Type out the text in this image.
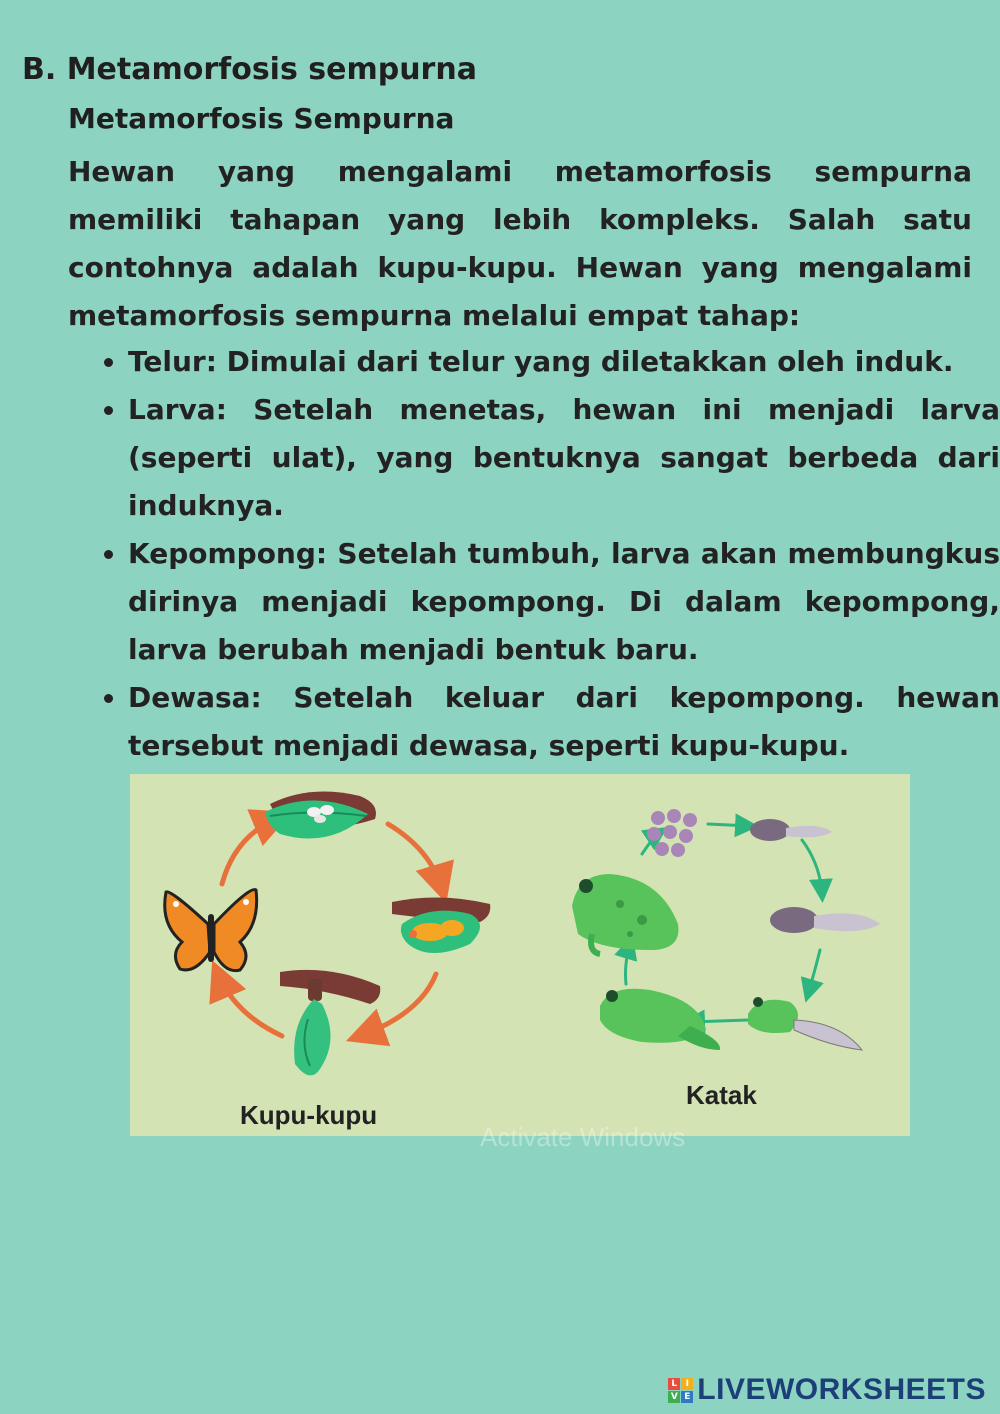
B. Metamorfosis sempurna
Metamorfosis Sempurna

Hewan yang mengalami metamorfosis sempurna memiliki tahapan yang lebih kompleks. Salah satu contohnya adalah kupu-kupu. Hewan yang mengalami metamorfosis sempurna melalui empat tahap:

• Telur: Dimulai dari telur yang diletakkan oleh induk.
• Larva: Setelah menetas, hewan ini menjadi larva (seperti ulat), yang bentuknya sangat berbeda dari induknya.
• Kepompong: Setelah tumbuh, larva akan membungkus dirinya menjadi kepompong. Di dalam kepompong, larva berubah menjadi bentuk baru.
• Dewasa: Setelah keluar dari kepompong. hewan tersebut menjadi dewasa, seperti kupu-kupu.
Kupu-kupu
Katak
Activate Windows
L I
V E LIVEWORKSHEETS
